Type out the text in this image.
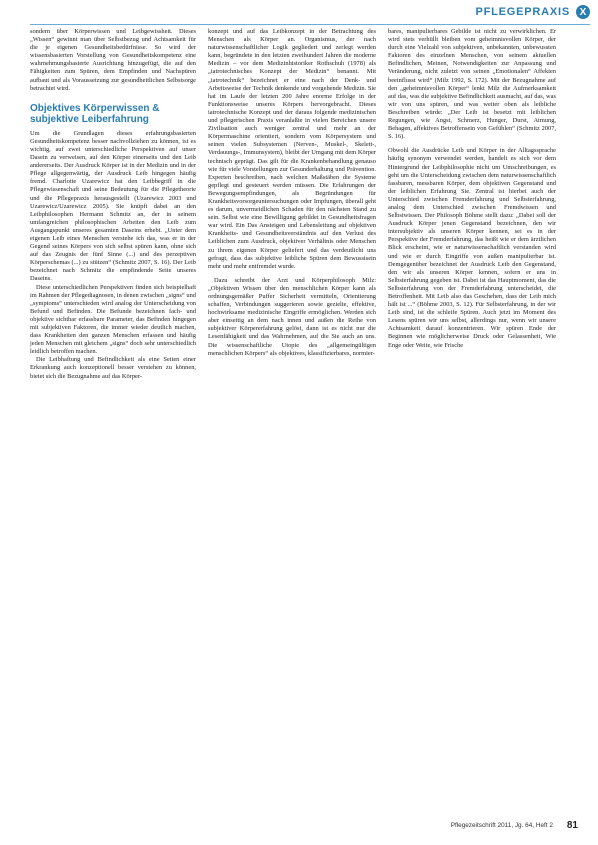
PFLEGEPRAXIS X

sondern über Körperwissen und Leibgewissheit. Dieses „Wissen“ gewinnt man über Selbstbezug und Achtsamkeit für die je eigenen Gesundheitsbedürfnisse. So wird der wissensbasierten Vorstellung von Gesundheitskompetenz eine wahrnehmungsbasierte Ausrichtung hinzugefügt, die auf den Fähigkeiten zum Spüren, dem Empfinden und Nachspüren aufbaut und als Voraussetzung zur gesundheitlichen Selbstsorge betrachtet wird.

Objektives Körperwissen & subjektive Leiberfahrung

Um die Grundlagen dieses erfahrungsbasierten Gesundheitskompetenz besser nachvollziehen zu können, ist es wichtig, auf zwei unterschiedliche Perspektiven auf unser Dasein zu verweisen, auf den Körper einerseits und den Leib andererseits. Der Ausdruck Körper ist in der Medizin und in der Pflege allgegenwärtig, der Ausdruck Leib hingegen häufig fremd. Charlotte Uzarewicz hat den Leibbegriff in die Pflegewissenschaft und seine Bedeutung für die Pflegetheorie und die Pflegepraxis herausgestellt (Uzarewicz 2003 und Uzarewicz/Uzarewicz 2005). Sie knüpft dabei an den Leibphilosophen Hermann Schmitz an, der in seinem umfangreichen philosophischen Arbeiten den Leib zum Ausgangspunkt unseres gesamten Daseins erhebt. „Unter dem eigenen Leib eines Menschen verstehe ich das, was er in der Gegend seines Körpers von sich selbst spüren kann, ohne sich auf das Zeugnis der fünf Sinne (...) und des perzeptiven Körperschemas (...) zu stützen“ (Schmitz 2007, S. 16). Der Leib bezeichnet nach Schmitz die empfindende Seite unseres Daseins.

Diese unterschiedlichen Perspektiven finden sich beispielhaft im Rahmen der Pflegediagnosen, in denen zwischen „signs“ und „symptoms“ unterschieden wird analog der Unterscheidung von Befund und Befinden. Die Befunde bezeichnen fach- und objektive sichtbar erfassbare Parameter, das Befinden hingegen mit subjektiven Faktoren, die immer wieder deutlich machen, dass Krankheiten den ganzen Menschen erfassen und häufig jeden Menschen mit gleichem „signs“ doch sehr unterschiedlich leidlich betroffen machen.

Die Leibhaftung und Befindlichkeit als eine Seiten einer Erkrankung auch konzeptionell besser verstehen zu können, bietet sich die Bezugnahme auf das Körper-

konzept und auf das Leibkonzept in der Betrachtung des Menschen als Körper an. Organismus, der nach naturwissenschaftlicher Logik gegliedert und zerlegt werden kann, begründete in den letzten zweihundert Jahren die moderne Medizin – vor dem Medizinhistoriker Rothschuh (1978) als „iatrotechnisches Konzept der Medizin“ benannt. Mit „iatrotechnik“ bezeichnet er eine nach der Denk- und Arbeitsweise der Technik denkende und vorgehende Medizin. Sie hat im Laufe der letzten 200 Jahre enorme Erfolge in der Funktionsweise unseres Körpers hervorgebracht. Dieses iatrotechnische Konzept und der daraus folgende medizinischen und pflegerischen Praxis veranlaßte in vielen Bereichen unsere Zivilisation auch weniger zentral und mehr an der Körpermaschine orientiert, sondern vom Körpersystem und seinen vielen Subsystemen (Nerven-, Muskel-, Skelett-, Verdauungs-, Immunsystem), bleibt der Umgang mit dem Körper technisch geprägt. Das gilt für die Krankenbehandlung genauso wie für viele Vorstellungen zur Gesunderhaltung und Prävention. Experten beschreiben, nach welchen Maßstäben die Systeme gepflegt und gesteuert werden müssen. Die Erfahrungen der Bewegungsempfindungen, als Begründungen für Krankheitsvorsorgeuntersuchungen oder Impfungen, überall geht es darum, unvermeidlichen Schaden für den nächsten Stand zu sein. Selbst wie eine Bewilligung gebildet in Gesundheitsfragen war wird. Ein Das Ansteigen und Lebensleitung auf objektiven Krankheits- und Gesundheitsverständnis auf den Verlust des Leiblichen zum Ausdruck, objektiver Verhältnis oder Menschen zu ihrem eigenen Körper geliefert und das verdeutlicht uns gefragt, dass das subjektive leibliche Spüren dem Bewusstsein mehr und mehr entfremdet wurde.

Dazu schreibt der Arzt und Körperphilosoph Milz: „Objektiven Wissen über den menschlichen Körper kann als ordnungsgemäßer Puffer Sicherheit vermitteln, Orientierung schaffen, Verbindungen suggerieren sowie gezielte, effektive, hochwirksame medizinische Eingriffe ermöglichen. Werden sich aber einseitig an dem nach innen und außen die Reihe von subjektiver Körpererfahrung gelöst, dann ist es nicht nur die Lesenfähigkeit und das Wahrnehmen, auf die Sie auch an uns. Die wissenschaftliche Utopie des „allgemeingültigen menschlichen Körpers“ als objektives, klassifizierbares, normier-

bares, manipulierbares Gebilde ist nicht zu verwirklichen. Er wird stets verhüllt bleiben vom geheimnisvollen Körper, der durch eine Vielzahl von subjektiven, unbekannten, unbewussten Faktoren des einzelnen Menschen, von seinem aktuellen Befindlichen, Meinen, Notwendigkeiten zur Anpassung und Veränderung, nicht zuletzt von seinen „Emotionalen“ Affekten beeinflusst wird“ (Milz 1992, S. 172). Mit der Bezugnahme auf den „geheimnisvollen Körper“ lenkt Milz die Aufmerksamkeit auf das, was die subjektive Befindlichkeit ausmacht, auf das, was wir von uns spüren, und was weiter oben als leibliche Beschreiben würde: „Der Leib ist besetzt mit leiblichen Regungen, wie Angst, Schmerz, Hunger, Durst, Atmung, Behagen, affektives Betroffensein von Gefühlen“ (Schmitz 2007, S. 16).

Obwohl die Ausdrücke Leib und Körper in der Alltagssprache häufig synonym verwendet werden, handelt es sich vor dem Hintergrund der Leibphilosophie nicht um Umschreibungen, es geht um die Unterscheidung zwischen dem naturwissenschaftlich fassbaren, messbaren Körper, dem objektiven Gegenstand und der leiblichen Erfahrung Sie. Zentral ist hierbei auch der Unterschied zwischen Fremderfahrung und Selbsterfahrung, analog dem Unterschied zwischen Fremdwissen und Selbstwissen. Der Philosoph Böhme stellt dazu: „Dabei soll der Ausdruck Körper jenen Gegenstand bezeichnen, den wir intersubjektiv als unseren Körper kennen, sei es in der Perspektive der Fremderfahrung, das heißt wie er dem ärztlichen Blick erscheint, wie er naturwissenschaftlich verstanden wird und wie er durch Eingriffe von außen manipulierbar ist. Demgegenüber bezeichnet der Ausdruck Leib den Gegenstand, den wir als unseren Körper kennen, sofern er uns in Selbsterfahrung gegeben ist. Dabei ist das Hauptmoment, das die Selbsterfahrung von der Fremderfahrung unterscheidet, die Betroffenheit. Mit Leib also das Geschehen, dass der Leib mich hält ist ...“ (Böhme 2003, S. 12). Für Selbsterfahrung, in der wir Leib sind, ist die schleife Spüren. Auch jetzt im Moment des Lesens spüren wir uns selbst, allerdings nur, wenn wir unsere Achtsamkeit darauf konzentrieren. Wir spüren Ende der Beginnen wie möglicherweise Druck oder Gelassenheit, Wie Enge oder Weite, wie Frische

Pflegezeitschrift 2011, Jg. 64, Heft 2 81
